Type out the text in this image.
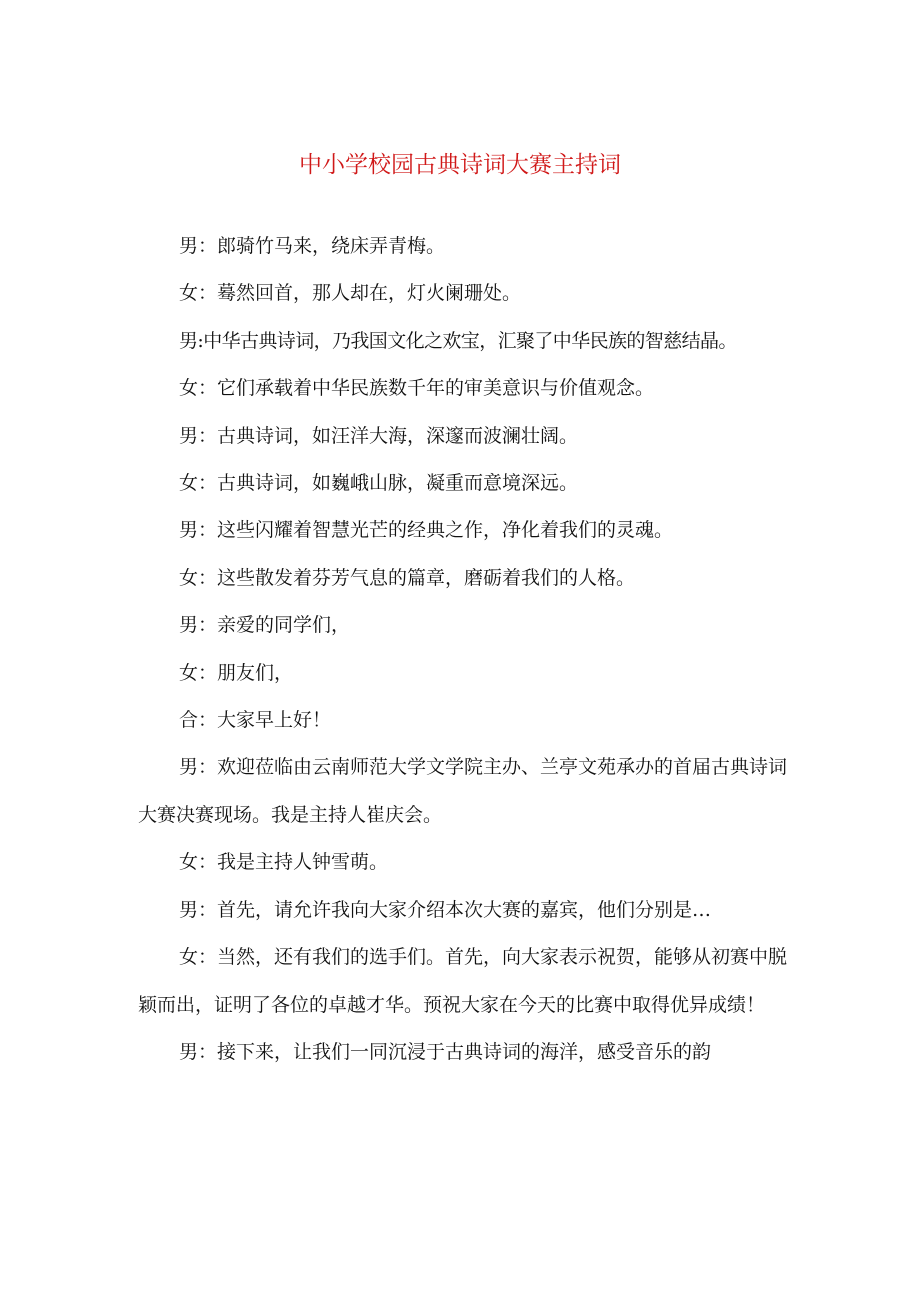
中小学校园古典诗词大赛主持词

男：郎骑竹马来，绕床弄青梅。

女：蓦然回首，那人却在，灯火阑珊处。

男:中华古典诗词，乃我国文化之欢宝，汇聚了中华民族的智慈结晶。

女：它们承载着中华民族数千年的审美意识与价值观念。

男：古典诗词，如汪洋大海，深邃而波澜壮阔。

女：古典诗词，如巍峨山脉，凝重而意境深远。

男：这些闪耀着智慧光芒的经典之作，净化着我们的灵魂。

女：这些散发着芬芳气息的篇章，磨砺着我们的人格。

男：亲爱的同学们，

女：朋友们，

合：大家早上好！

男：欢迎莅临由云南师范大学文学院主办、兰亭文苑承办的首届古典诗词大赛决赛现场。我是主持人崔庆会。

女：我是主持人钟雪萌。

男：首先，请允许我向大家介绍本次大赛的嘉宾，他们分别是…

女：当然，还有我们的选手们。首先，向大家表示祝贺，能够从初赛中脱颖而出，证明了各位的卓越才华。预祝大家在今天的比赛中取得优异成绩！

男：接下来，让我们一同沉浸于古典诗词的海洋，感受音乐的韵
